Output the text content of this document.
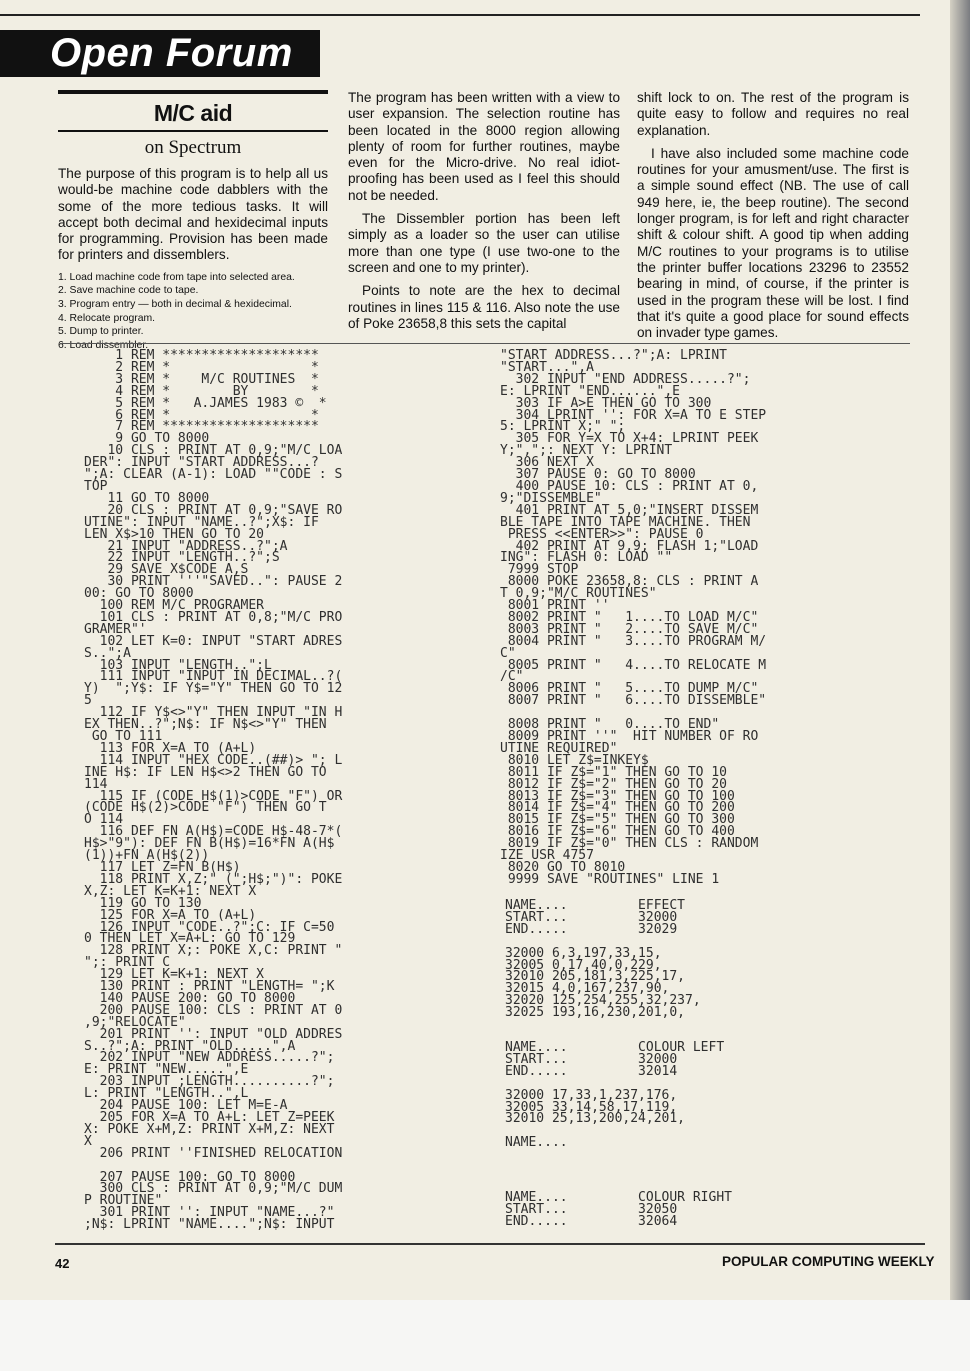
Open Forum
M/C aid
on Spectrum

The purpose of this program is to help all us would-be machine code dabblers with the some of the more tedious tasks. It will accept both decimal and hexidecimal inputs for programming. Provision has been made for printers and dissemblers.

1. Load machine code from tape into selected area.
2. Save machine code to tape.
3. Program entry — both in decimal & hexidecimal.
4. Relocate program.
5. Dump to printer.
6. Load dissembler.

The program has been written with a view to user expansion. The selection routine has been located in the 8000 region allowing plenty of room for further routines, maybe even for the Micro-drive. No real idiot-proofing has been used as I feel this should not be needed.

The Dissembler portion has been left simply as a loader so the user can utilise more than one type (I use two-one to the screen and one to my printer).

Points to note are the hex to decimal routines in lines 115 & 116. Also note the use of Poke 23658,8 this sets the capital

shift lock to on. The rest of the program is quite easy to follow and requires no real explanation.

I have also included some machine code routines for your amusment/use. The first is a simple sound effect (NB. The use of call 949 here, ie, the beep routine). The second longer program, is for left and right character shift & colour shift. A good tip when adding M/C routines to your programs is to utilise the printer buffer locations 23296 to 23552 bearing in mind, of course, if the printer is used in the program these will be lost. I find that it's quite a good place for sound effects on invader type games.

1 REM ********************
2 REM *                  *
3 REM *    M/C ROUTINES  *
4 REM *        BY        *
5 REM *   A.JAMES 1983 ©  *
6 REM *                  *
7 REM ********************
9 GO TO 8000
10 CLS : PRINT AT 0,9;"M/C LOA
DER": INPUT "START ADDRESS...?
";A: CLEAR (A-1): LOAD ""CODE : S
TOP
11 GO TO 8000
20 CLS : PRINT AT 0,9;"SAVE RO
UTINE": INPUT "NAME..?";X$: IF
LEN X$>10 THEN GO TO 20
21 INPUT "ADDRESS..?";A
22 INPUT "LENGTH..?";S
29 SAVE X$CODE A,S
30 PRINT '''"SAVED..": PAUSE 2
00: GO TO 8000
100 REM M/C PROGRAMER
101 CLS : PRINT AT 0,8;"M/C PRO
GRAMER"'
102 LET K=0: INPUT "START ADRES
S..";A
103 INPUT "LENGTH..";L
111 INPUT "INPUT IN DECIMAL..?(
Y)  ";Y$: IF Y$="Y" THEN GO TO 12
5
112 IF Y$<>"Y" THEN INPUT "IN H
EX THEN..?";N$: IF N$<>"Y" THEN
GO TO 111
113 FOR X=A TO (A+L)
114 INPUT "HEX CODE..(##)> "; L
INE H$: IF LEN H$<>2 THEN GO TO
114
115 IF (CODE H$(1)>CODE "F") OR
(CODE H$(2)>CODE "F") THEN GO T
O 114
116 DEF FN A(H$)=CODE H$-48-7*(
H$>"9"): DEF FN B(H$)=16*FN A(H$
(1))+FN A(H$(2))
117 LET Z=FN B(H$)
118 PRINT X,Z;" (";H$;")": POKE
X,Z: LET K=K+1: NEXT X
119 GO TO 130
125 FOR X=A TO (A+L)
126 INPUT "CODE..?";C: IF C=50
0 THEN LET X=A+L: GO TO 129
128 PRINT X;: POKE X,C: PRINT "
";: PRINT C
129 LET K=K+1: NEXT X
130 PRINT : PRINT "LENGTH= ";K
140 PAUSE 200: GO TO 8000
200 PAUSE 100: CLS : PRINT AT 0
,9;"RELOCATE"
201 PRINT '': INPUT "OLD ADDRES
S..?";A: PRINT "OLD.....",A
202 INPUT "NEW ADDRESS.....?";
E: PRINT "NEW.....",E
203 INPUT ;LENGTH..........?";
L: PRINT "LENGTH..",L
204 PAUSE 100: LET M=E-A
205 FOR X=A TO A+L: LET Z=PEEK
X: POKE X+M,Z: PRINT X+M,Z: NEXT
X
206 PRINT ''FINISHED RELOCATION

207 PAUSE 100: GO TO 8000
300 CLS : PRINT AT 0,9;"M/C DUM
P ROUTINE"
301 PRINT '': INPUT "NAME...?"
;N$: LPRINT "NAME....";N$: INPUT
"START ADDRESS...?";A: LPRINT
"START...",A
302 INPUT "END ADDRESS.....?";
E: LPRINT "END......",E
303 IF A>E THEN GO TO 300
304 LPRINT '': FOR X=A TO E STEP
5: LPRINT X;" ";
305 FOR Y=X TO X+4: LPRINT PEEK
Y;",";: NEXT Y: LPRINT
306 NEXT X
307 PAUSE 0: GO TO 8000
400 PAUSE 10: CLS : PRINT AT 0,
9;"DISSEMBLE"
401 PRINT AT 5,0;"INSERT DISSEM
BLE TAPE INTO TAPE MACHINE. THEN
PRESS <<ENTER>>": PAUSE 0
402 PRINT AT 9,9; FLASH 1;"LOAD
ING": FLASH 0: LOAD ""
7999 STOP
8000 POKE 23658,8: CLS : PRINT A
T 0,9;"M/C ROUTINES"
8001 PRINT ''
8002 PRINT "   1....TO LOAD M/C"
8003 PRINT "   2....TO SAVE M/C"
8004 PRINT "   3....TO PROGRAM M/
C"
8005 PRINT "   4....TO RELOCATE M
/C"
8006 PRINT "   5....TO DUMP M/C"
8007 PRINT "   6....TO DISSEMBLE"

8008 PRINT "   0....TO END"
8009 PRINT ''"  HIT NUMBER OF RO
UTINE REQUIRED"
8010 LET Z$=INKEY$
8011 IF Z$="1" THEN GO TO 10
8012 IF Z$="2" THEN GO TO 20
8013 IF Z$="3" THEN GO TO 100
8014 IF Z$="4" THEN GO TO 200
8015 IF Z$="5" THEN GO TO 300
8016 IF Z$="6" THEN GO TO 400
8019 IF Z$="0" THEN CLS : RANDOM
IZE USR 4757
8020 GO TO 8010
9999 SAVE "ROUTINES" LINE 1
NAME....         EFFECT
START...         32000
END.....         32029

32000 6,3,197,33,15,
32005 0,17,40,0,229,
32010 205,181,3,225,17,
32015 4,0,167,237,90,
32020 125,254,255,32,237,
32025 193,16,230,201,0,
NAME....         COLOUR LEFT
START...         32000
END.....         32014

32000 17,33,1,237,176,
32005 33,14,58,17,119,
32010 25,13,200,24,201,

NAME....
NAME....         COLOUR RIGHT
START...         32050
END.....         32064
42	POPULAR COMPUTING WEEKLY
